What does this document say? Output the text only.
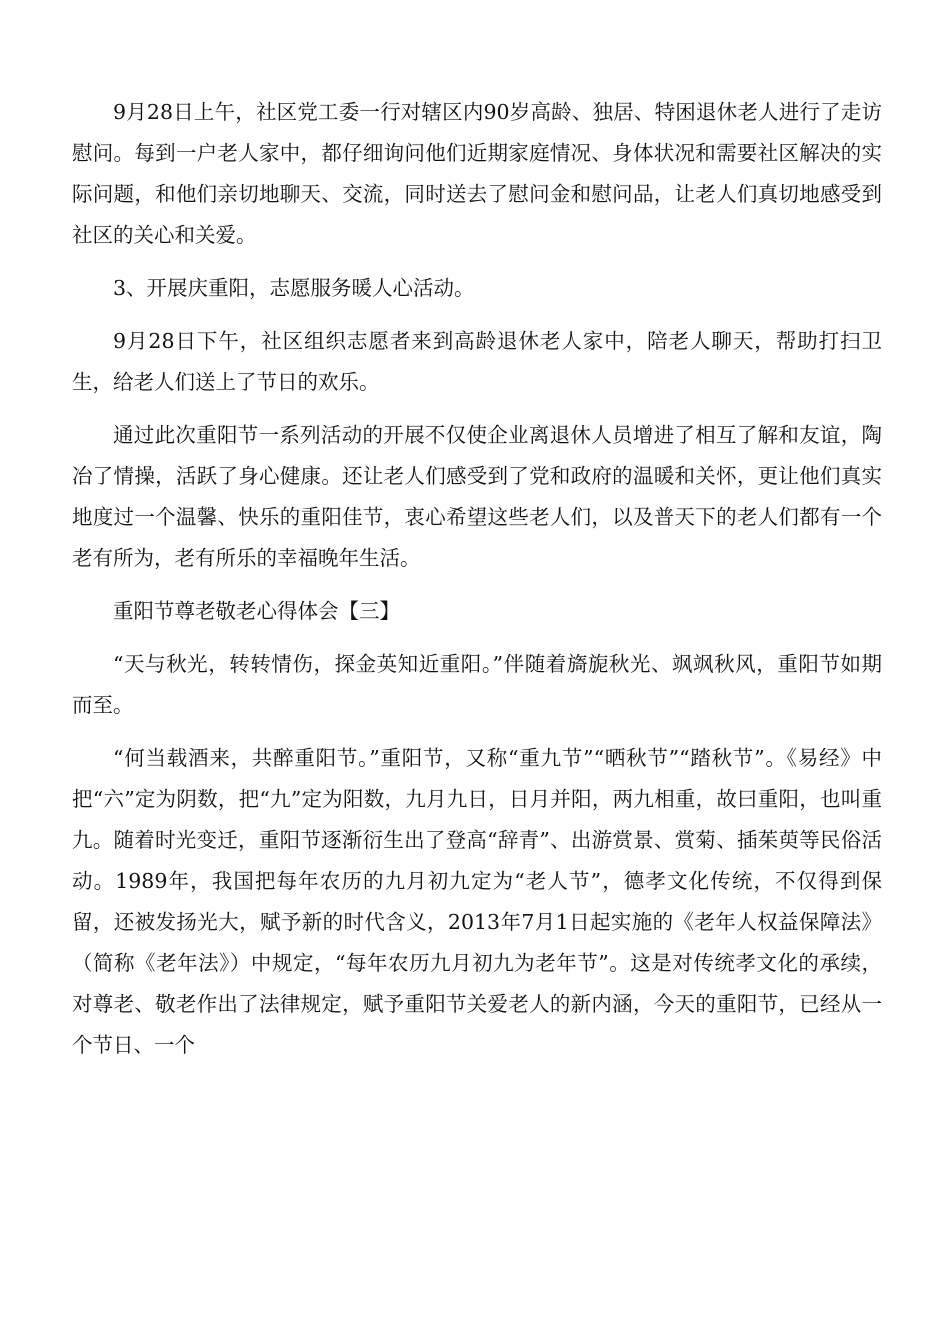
9月28日上午，社区党工委一行对辖区内90岁高龄、独居、特困退休老人进行了走访慰问。每到一户老人家中，都仔细询问他们近期家庭情况、身体状况和需要社区解决的实际问题，和他们亲切地聊天、交流，同时送去了慰问金和慰问品，让老人们真切地感受到社区的关心和关爱。

3、开展庆重阳，志愿服务暖人心活动。

9月28日下午，社区组织志愿者来到高龄退休老人家中，陪老人聊天，帮助打扫卫生，给老人们送上了节日的欢乐。

通过此次重阳节一系列活动的开展不仅使企业离退休人员增进了相互了解和友谊，陶冶了情操，活跃了身心健康。还让老人们感受到了党和政府的温暖和关怀，更让他们真实地度过一个温馨、快乐的重阳佳节，衷心希望这些老人们，以及普天下的老人们都有一个老有所为，老有所乐的幸福晚年生活。

重阳节尊老敬老心得体会【三】

“天与秋光，转转情伤，探金英知近重阳。”伴随着旖旎秋光、飒飒秋风，重阳节如期而至。

“何当载酒来，共醉重阳节。”重阳节，又称“重九节”“晒秋节”“踏秋节”。《易经》中把“六”定为阴数，把“九”定为阳数，九月九日，日月并阳，两九相重，故曰重阳，也叫重九。随着时光变迁，重阳节逐渐衍生出了登高“辞青”、出游赏景、赏菊、插茱萸等民俗活动。1989年，我国把每年农历的九月初九定为“老人节”，德孝文化传统，不仅得到保留，还被发扬光大，赋予新的时代含义，2013年7月1日起实施的《老年人权益保障法》（简称《老年法》）中规定，“每年农历九月初九为老年节”。这是对传统孝文化的承续，对尊老、敬老作出了法律规定，赋予重阳节关爱老人的新内涵，今天的重阳节，已经从一个节日、一个
